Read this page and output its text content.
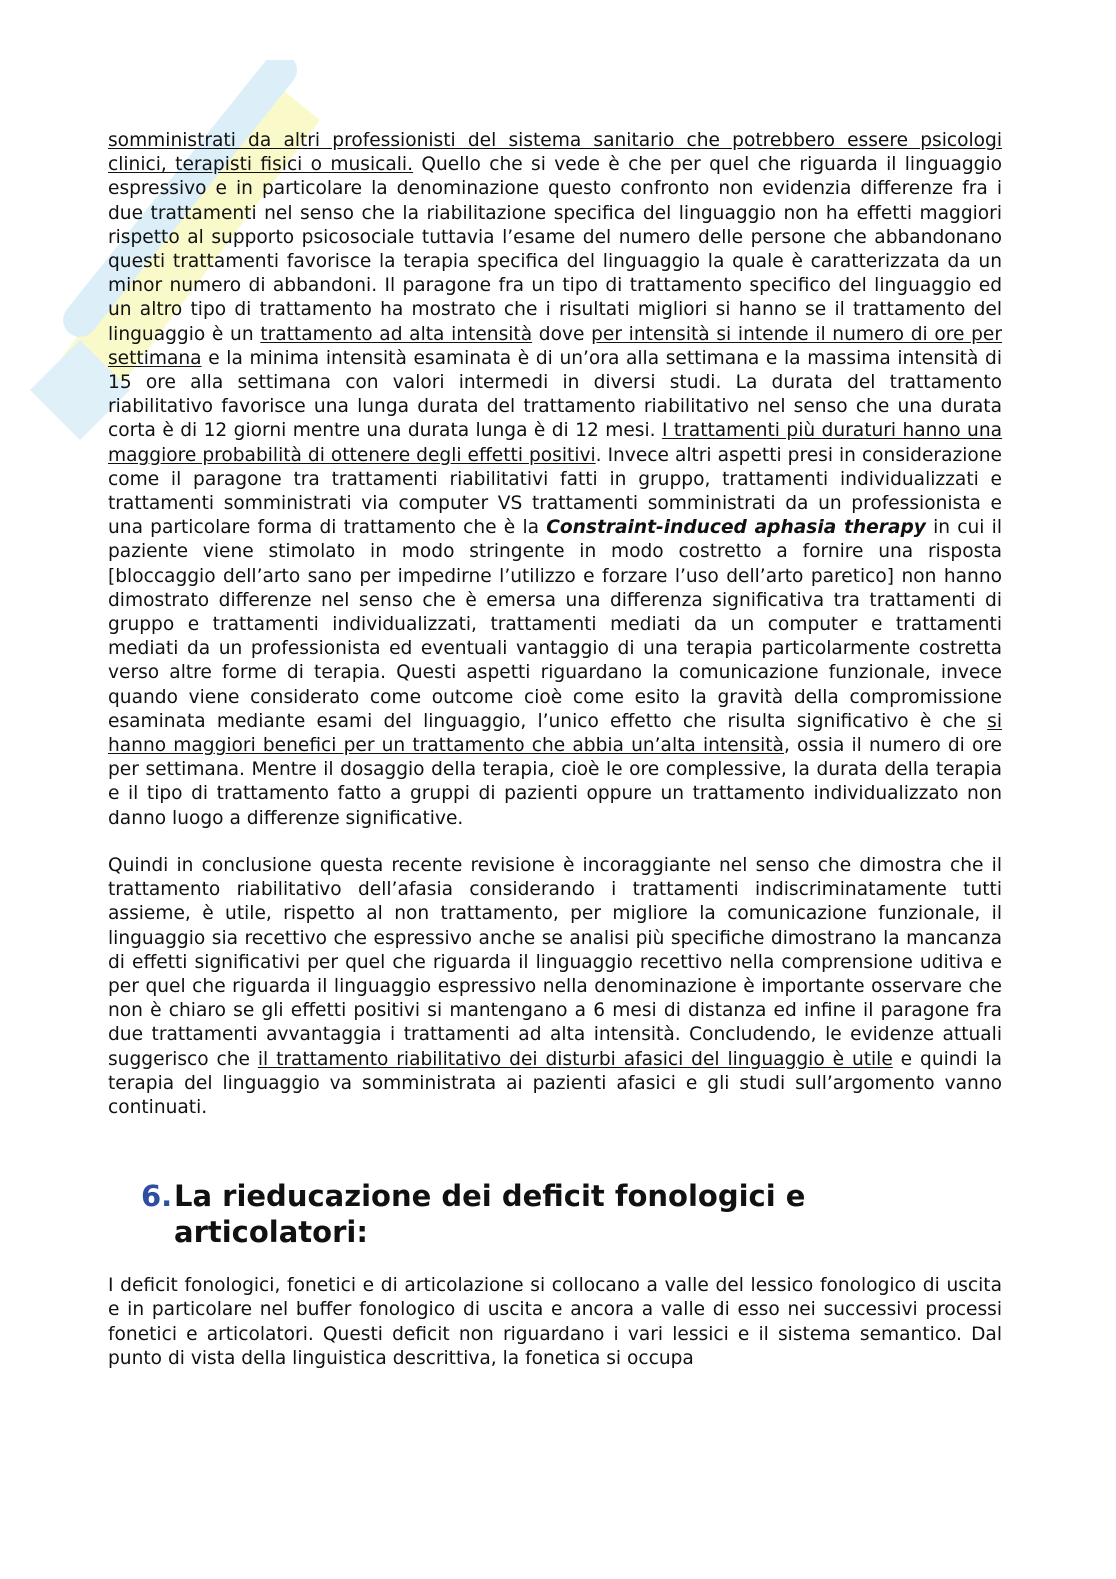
somministrati da altri professionisti del sistema sanitario che potrebbero essere psicologi clinici, terapisti fisici o musicali. Quello che si vede è che per quel che riguarda il linguaggio espressivo e in particolare la denominazione questo confronto non evidenzia differenze fra i due trattamenti nel senso che la riabilitazione specifica del linguaggio non ha effetti maggiori rispetto al supporto psicosociale tuttavia l’esame del numero delle persone che abbandonano questi trattamenti favorisce la terapia specifica del linguaggio la quale è caratterizzata da un minor numero di abbandoni. Il paragone fra un tipo di trattamento specifico del linguaggio ed un altro tipo di trattamento ha mostrato che i risultati migliori si hanno se il trattamento del linguaggio è un trattamento ad alta intensità dove per intensità si intende il numero di ore per settimana e la minima intensità esaminata è di un’ora alla settimana e la massima intensità di 15 ore alla settimana con valori intermedi in diversi studi. La durata del trattamento riabilitativo favorisce una lunga durata del trattamento riabilitativo nel senso che una durata corta è di 12 giorni mentre una durata lunga è di 12 mesi. I trattamenti più duraturi hanno una maggiore probabilità di ottenere degli effetti positivi. Invece altri aspetti presi in considerazione come il paragone tra trattamenti riabilitativi fatti in gruppo, trattamenti individualizzati e trattamenti somministrati via computer VS trattamenti somministrati da un professionista e una particolare forma di trattamento che è la Constraint-induced aphasia therapy in cui il paziente viene stimolato in modo stringente in modo costretto a fornire una risposta [bloccaggio dell’arto sano per impedirne l’utilizzo e forzare l’uso dell’arto paretico] non hanno dimostrato differenze nel senso che è emersa una differenza significativa tra trattamenti di gruppo e trattamenti individualizzati, trattamenti mediati da un computer e trattamenti mediati da un professionista ed eventuali vantaggio di una terapia particolarmente costretta verso altre forme di terapia. Questi aspetti riguardano la comunicazione funzionale, invece quando viene considerato come outcome cioè come esito la gravità della compromissione esaminata mediante esami del linguaggio, l’unico effetto che risulta significativo è che si hanno maggiori benefici per un trattamento che abbia un’alta intensità, ossia il numero di ore per settimana. Mentre il dosaggio della terapia, cioè le ore complessive, la durata della terapia e il tipo di trattamento fatto a gruppi di pazienti oppure un trattamento individualizzato non danno luogo a differenze significative.

Quindi in conclusione questa recente revisione è incoraggiante nel senso che dimostra che il trattamento riabilitativo dell’afasia considerando i trattamenti indiscriminatamente tutti assieme, è utile, rispetto al non trattamento, per migliore la comunicazione funzionale, il linguaggio sia recettivo che espressivo anche se analisi più specifiche dimostrano la mancanza di effetti significativi per quel che riguarda il linguaggio recettivo nella comprensione uditiva e per quel che riguarda il linguaggio espressivo nella denominazione è importante osservare che non è chiaro se gli effetti positivi si mantengano a 6 mesi di distanza ed infine il paragone fra due trattamenti avvantaggia i trattamenti ad alta intensità. Concludendo, le evidenze attuali suggerisco che il trattamento riabilitativo dei disturbi afasici del linguaggio è utile e quindi la terapia del linguaggio va somministrata ai pazienti afasici e gli studi sull’argomento vanno continuati.

6. La rieducazione dei deficit fonologici e
articolatori:

I deficit fonologici, fonetici e di articolazione si collocano a valle del lessico fonologico di uscita e in particolare nel buffer fonologico di uscita e ancora a valle di esso nei successivi processi fonetici e articolatori. Questi deficit non riguardano i vari lessici e il sistema semantico. Dal punto di vista della linguistica descrittiva, la fonetica si occupa
